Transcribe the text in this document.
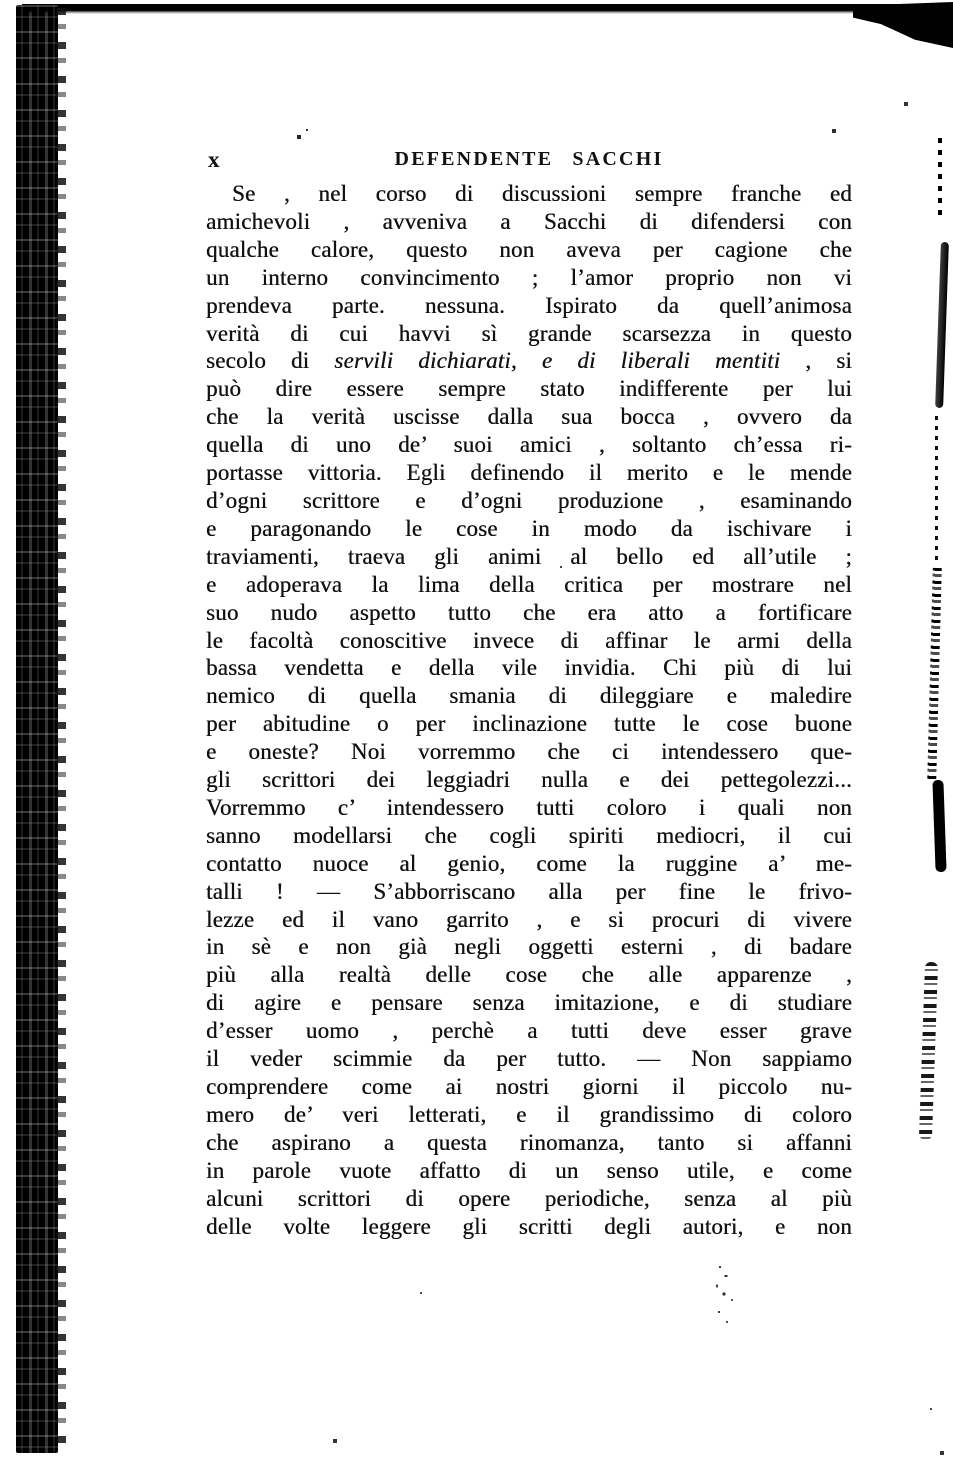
x	DEFENDENTE SACCHI
Se , nel corso di discussioni sempre franche ed
amichevoli , avveniva a Sacchi di difendersi con
qualche calore, questo non aveva per cagione che
un interno convincimento ; l’amor proprio non vi
prendeva parte. nessuna. Ispirato da quell’animosa
verità di cui havvi sì grande scarsezza in questo
secolo di servili dichiarati, e di liberali mentiti , si
può dire essere sempre stato indifferente per lui
che la verità uscisse dalla sua bocca , ovvero da
quella di uno de’ suoi amici , soltanto ch’essa ri-
portasse vittoria. Egli definendo il merito e le mende
d’ogni scrittore e d’ogni produzione , esaminando
e paragonando le cose in modo da ischivare i
traviamenti, traeva gli animi al bello ed all’utile ;
e adoperava la lima della critica per mostrare nel
suo nudo aspetto tutto che era atto a fortificare
le facoltà conoscitive invece di affinar le armi della
bassa vendetta e della vile invidia. Chi più di lui
nemico di quella smania di dileggiare e maledire
per abitudine o per inclinazione tutte le cose buone
e oneste? Noi vorremmo che ci intendessero que-
gli scrittori dei leggiadri nulla e dei pettegolezzi...
Vorremmo c’ intendessero tutti coloro i quali non
sanno modellarsi che cogli spiriti mediocri, il cui
contatto nuoce al genio, come la ruggine a’ me-
talli ! — S’abborriscano alla per fine le frivo-
lezze ed il vano garrito , e si procuri di vivere
in sè e non già negli oggetti esterni , di badare
più alla realtà delle cose che alle apparenze ,
di agire e pensare senza imitazione, e di studiare
d’esser uomo , perchè a tutti deve esser grave
il veder scimmie da per tutto. — Non sappiamo
comprendere come ai nostri giorni il piccolo nu-
mero de’ veri letterati, e il grandissimo di coloro
che aspirano a questa rinomanza, tanto si affanni
in parole vuote affatto di un senso utile, e come
alcuni scrittori di opere periodiche, senza al più
delle volte leggere gli scritti degli autori, e non
